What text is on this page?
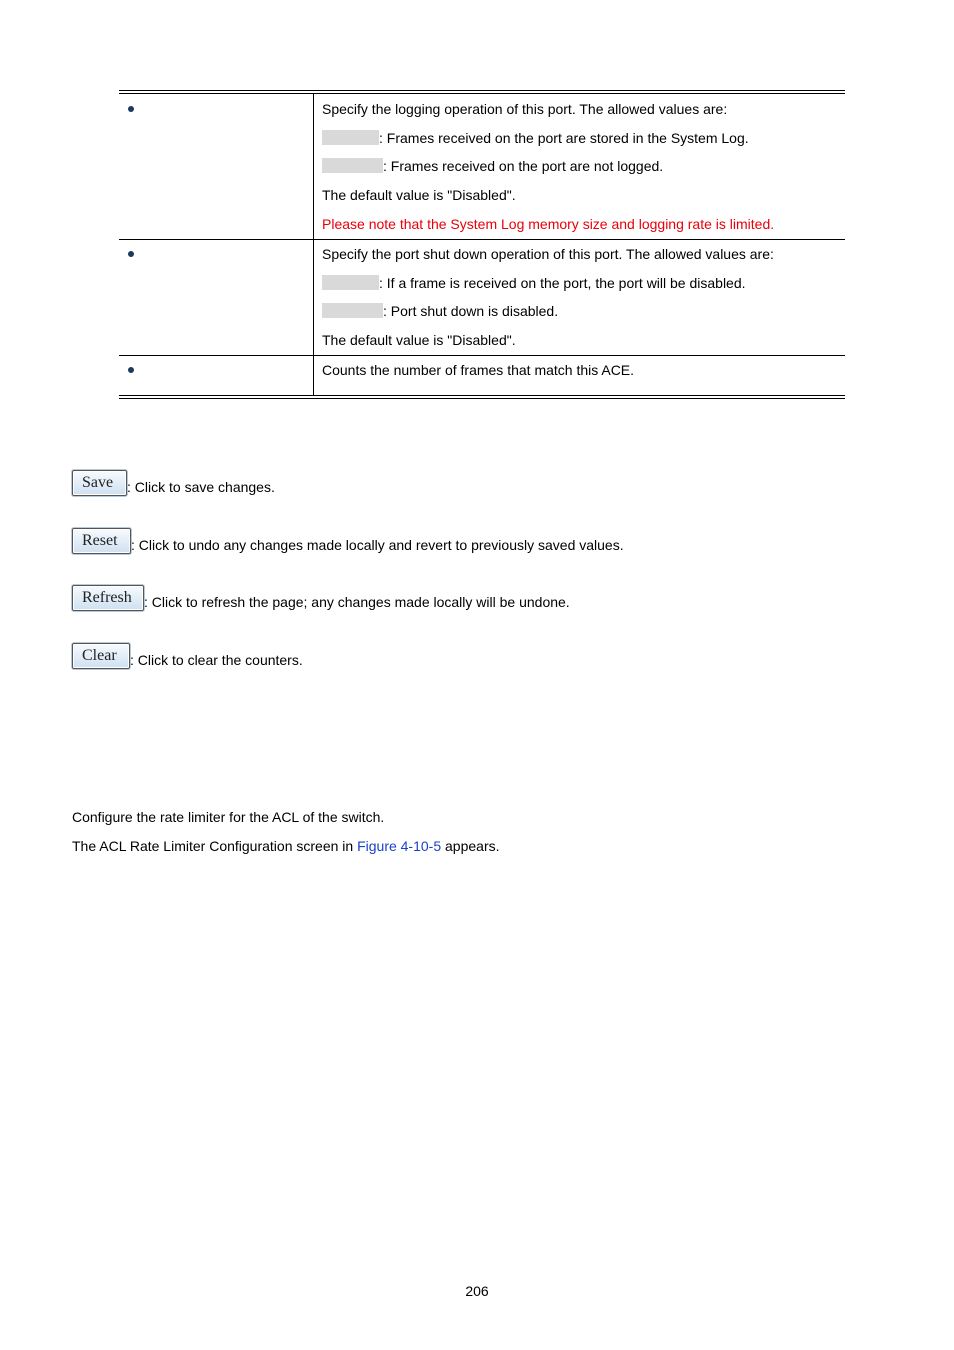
Specify the logging operation of this port. The allowed values are:
: Frames received on the port are stored in the System Log.
: Frames received on the port are not logged.
The default value is "Disabled".
Please note that the System Log memory size and logging rate is limited.
Specify the port shut down operation of this port. The allowed values are:
: If a frame is received on the port, the port will be disabled.
: Port shut down is disabled.
The default value is "Disabled".
Counts the number of frames that match this ACE.
Save : Click to save changes.
Reset : Click to undo any changes made locally and revert to previously saved values.
Refresh : Click to refresh the page; any changes made locally will be undone.
Clear : Click to clear the counters.
Configure the rate limiter for the ACL of the switch.
The ACL Rate Limiter Configuration screen in Figure 4-10-5 appears.
206
